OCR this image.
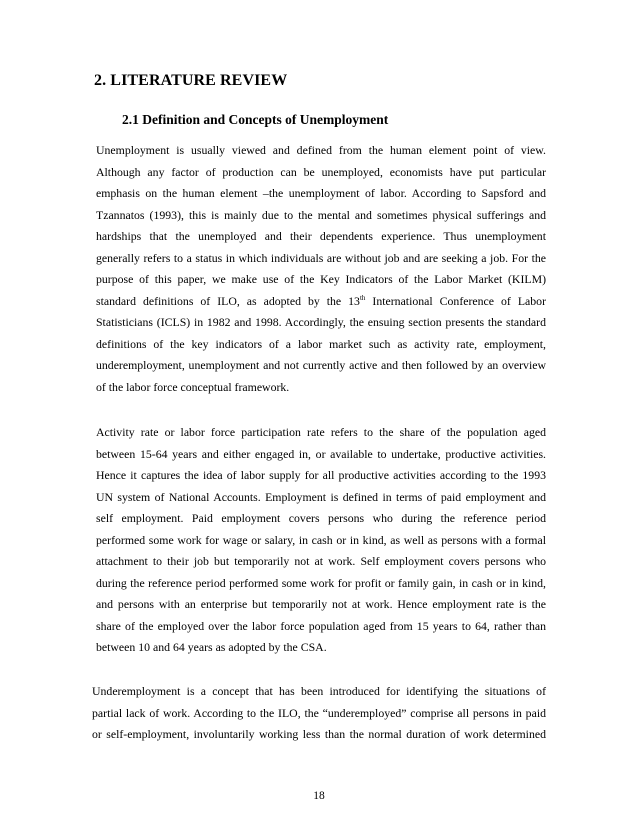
2. LITERATURE REVIEW
2.1 Definition and Concepts of Unemployment
Unemployment is usually viewed and defined from the human element point of view.
Although any factor of production can be unemployed, economists have put particular
emphasis on the human element –the unemployment of labor. According to Sapsford and
Tzannatos (1993), this is mainly due to the mental and sometimes physical sufferings and
hardships that the unemployed and their dependents experience. Thus unemployment
generally refers to a status in which individuals are without job and are seeking a job. For the
purpose of this paper, we make use of the Key Indicators of the Labor Market (KILM)
standard definitions of ILO, as adopted by the 13th International Conference of Labor
Statisticians (ICLS) in 1982 and 1998. Accordingly, the ensuing section presents the standard
definitions of the key indicators of a labor market such as activity rate, employment,
underemployment, unemployment and not currently active and then followed by an overview
of the labor force conceptual framework.
Activity rate or labor force participation rate refers to the share of the population aged
between 15-64 years and either engaged in, or available to undertake, productive activities.
Hence it captures the idea of labor supply for all productive activities according to the 1993
UN system of National Accounts. Employment is defined in terms of paid employment and
self employment. Paid employment covers persons who during the reference period
performed some work for wage or salary, in cash or in kind, as well as persons with a formal
attachment to their job but temporarily not at work. Self employment covers persons who
during the reference period performed some work for profit or family gain, in cash or in kind,
and persons with an enterprise but temporarily not at work. Hence employment rate is the
share of the employed over the labor force population aged from 15 years to 64, rather than
between 10 and 64 years as adopted by the CSA.
Underemployment is a concept that has been introduced for identifying the situations of
partial lack of work. According to the ILO, the “underemployed” comprise all persons in paid
or self-employment, involuntarily working less than the normal duration of work determined
18
